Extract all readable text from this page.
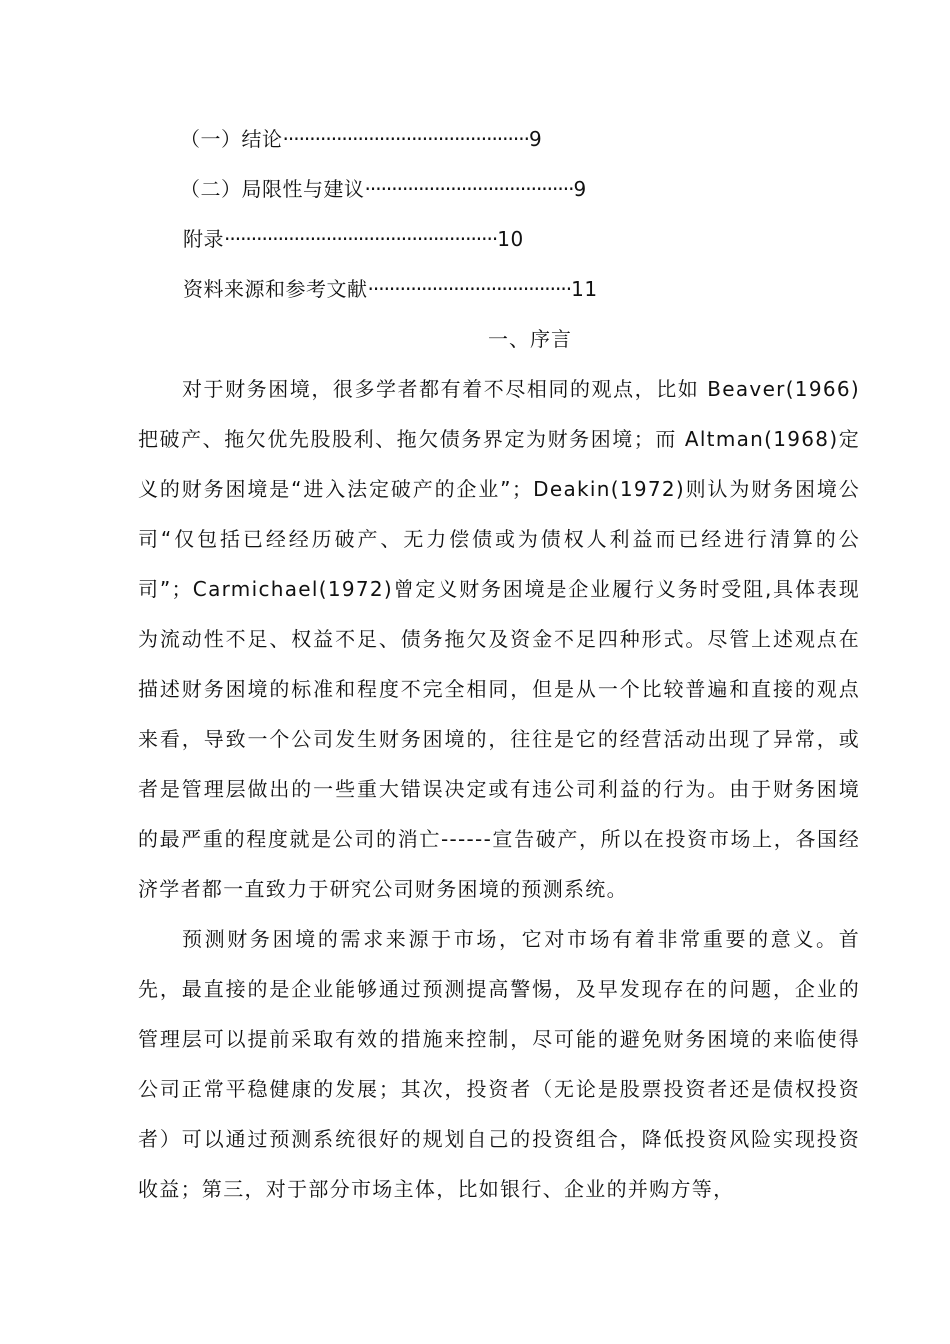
（一）结论··············································9
（二）局限性与建议·······································9
附录···················································10
资料来源和参考文献······································11
一、序言

对于财务困境，很多学者都有着不尽相同的观点，比如 Beaver(1966)把破产、拖欠优先股股利、拖欠债务界定为财务困境；而 Altman(1968)定义的财务困境是“进入法定破产的企业”；Deakin(1972)则认为财务困境公司“仅包括已经经历破产、无力偿债或为债权人利益而已经进行清算的公司”；Carmichael(1972)曾定义财务困境是企业履行义务时受阻,具体表现为流动性不足、权益不足、债务拖欠及资金不足四种形式。尽管上述观点在描述财务困境的标准和程度不完全相同，但是从一个比较普遍和直接的观点来看，导致一个公司发生财务困境的，往往是它的经营活动出现了异常，或者是管理层做出的一些重大错误决定或有违公司利益的行为。由于财务困境的最严重的程度就是公司的消亡------宣告破产，所以在投资市场上，各国经济学者都一直致力于研究公司财务困境的预测系统。

预测财务困境的需求来源于市场，它对市场有着非常重要的意义。首先，最直接的是企业能够通过预测提高警惕，及早发现存在的问题，企业的管理层可以提前采取有效的措施来控制，尽可能的避免财务困境的来临使得公司正常平稳健康的发展；其次，投资者（无论是股票投资者还是债权投资者）可以通过预测系统很好的规划自己的投资组合，降低投资风险实现投资收益；第三，对于部分市场主体，比如银行、企业的并购方等，
